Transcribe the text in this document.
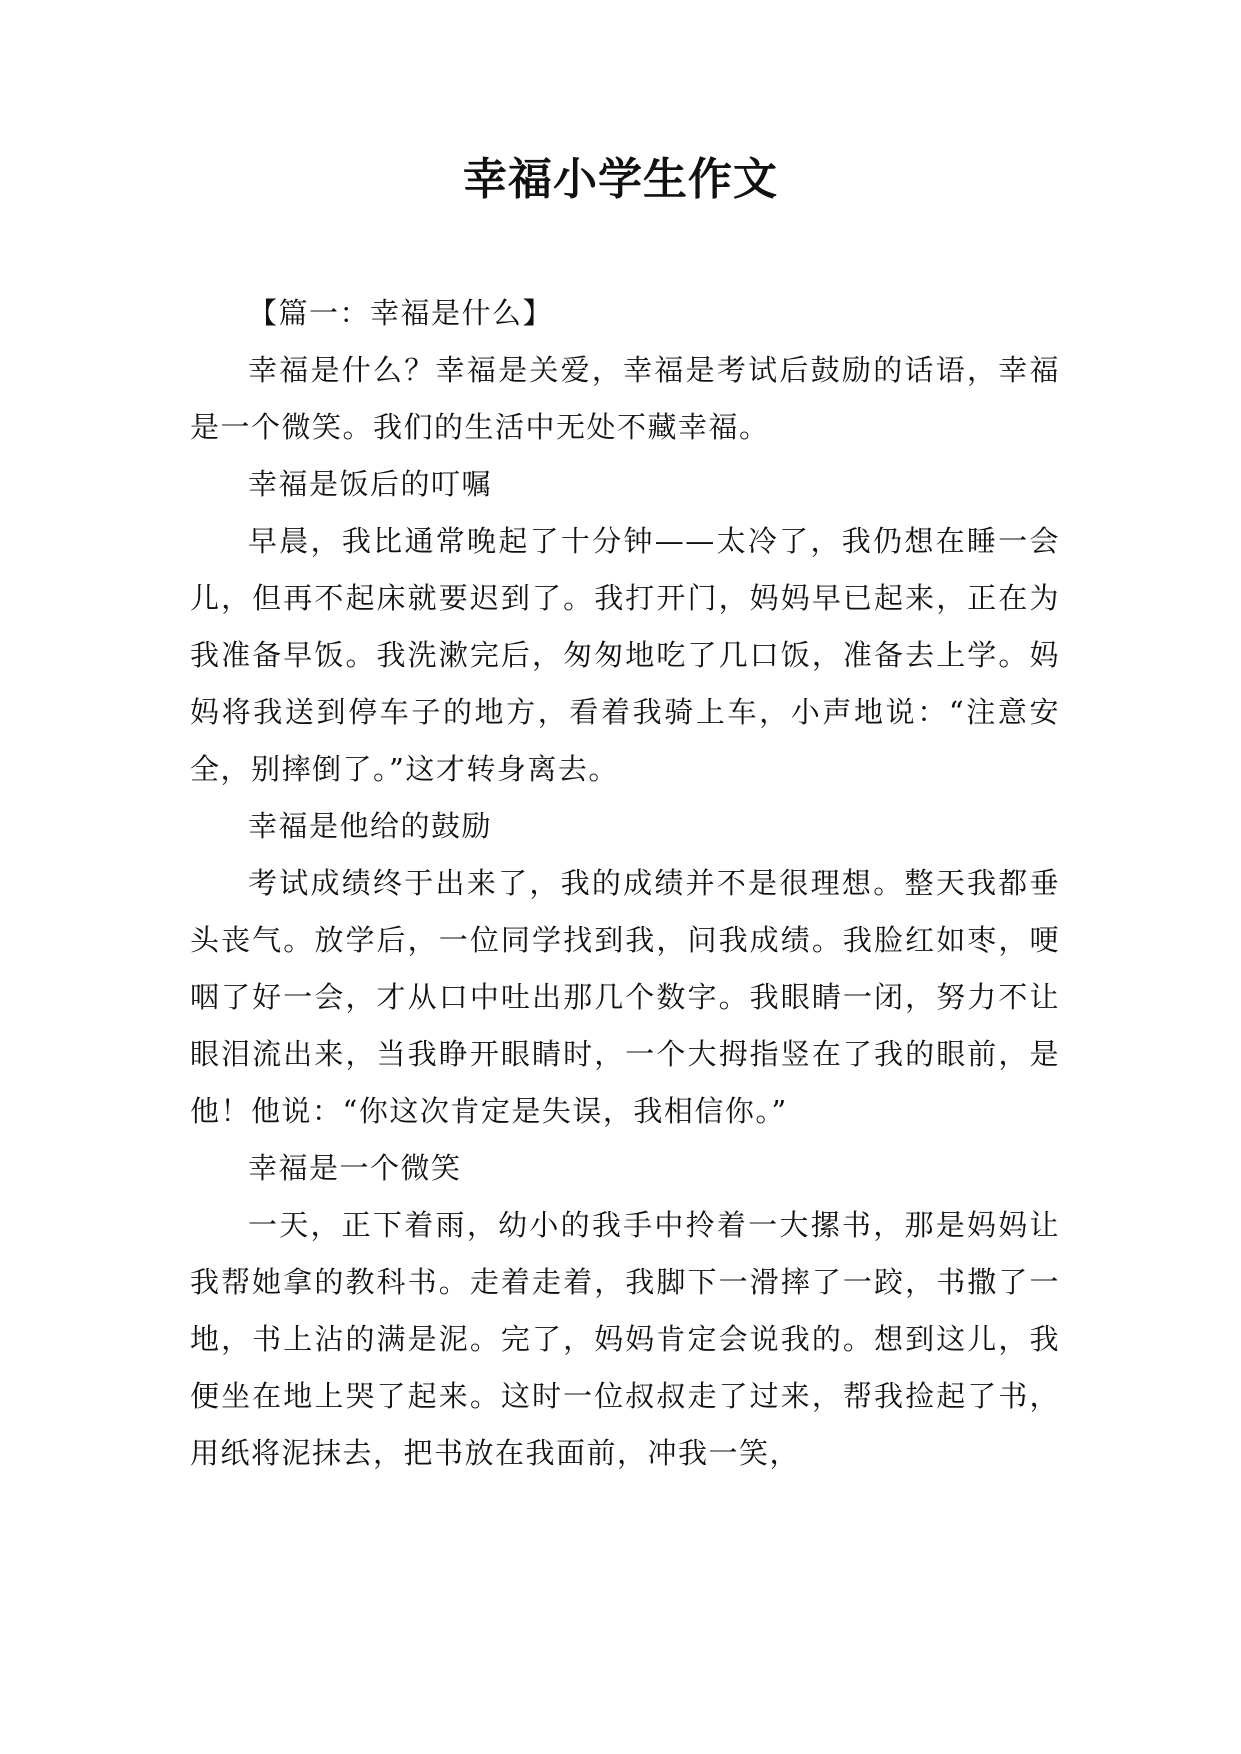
幸福小学生作文

【篇一：幸福是什么】

幸福是什么？幸福是关爱，幸福是考试后鼓励的话语，幸福是一个微笑。我们的生活中无处不藏幸福。

幸福是饭后的叮嘱

早晨，我比通常晚起了十分钟——太冷了，我仍想在睡一会儿，但再不起床就要迟到了。我打开门，妈妈早已起来，正在为我准备早饭。我洗漱完后，匆匆地吃了几口饭，准备去上学。妈妈将我送到停车子的地方，看着我骑上车，小声地说：“注意安全，别摔倒了。”这才转身离去。

幸福是他给的鼓励

考试成绩终于出来了，我的成绩并不是很理想。整天我都垂头丧气。放学后，一位同学找到我，问我成绩。我脸红如枣，哽咽了好一会，才从口中吐出那几个数字。我眼睛一闭，努力不让眼泪流出来，当我睁开眼睛时，一个大拇指竖在了我的眼前，是他！他说：“你这次肯定是失误，我相信你。”

幸福是一个微笑

一天，正下着雨，幼小的我手中拎着一大摞书，那是妈妈让我帮她拿的教科书。走着走着，我脚下一滑摔了一跤，书撒了一地，书上沾的满是泥。完了，妈妈肯定会说我的。想到这儿，我便坐在地上哭了起来。这时一位叔叔走了过来，帮我捡起了书，用纸将泥抹去，把书放在我面前，冲我一笑，
